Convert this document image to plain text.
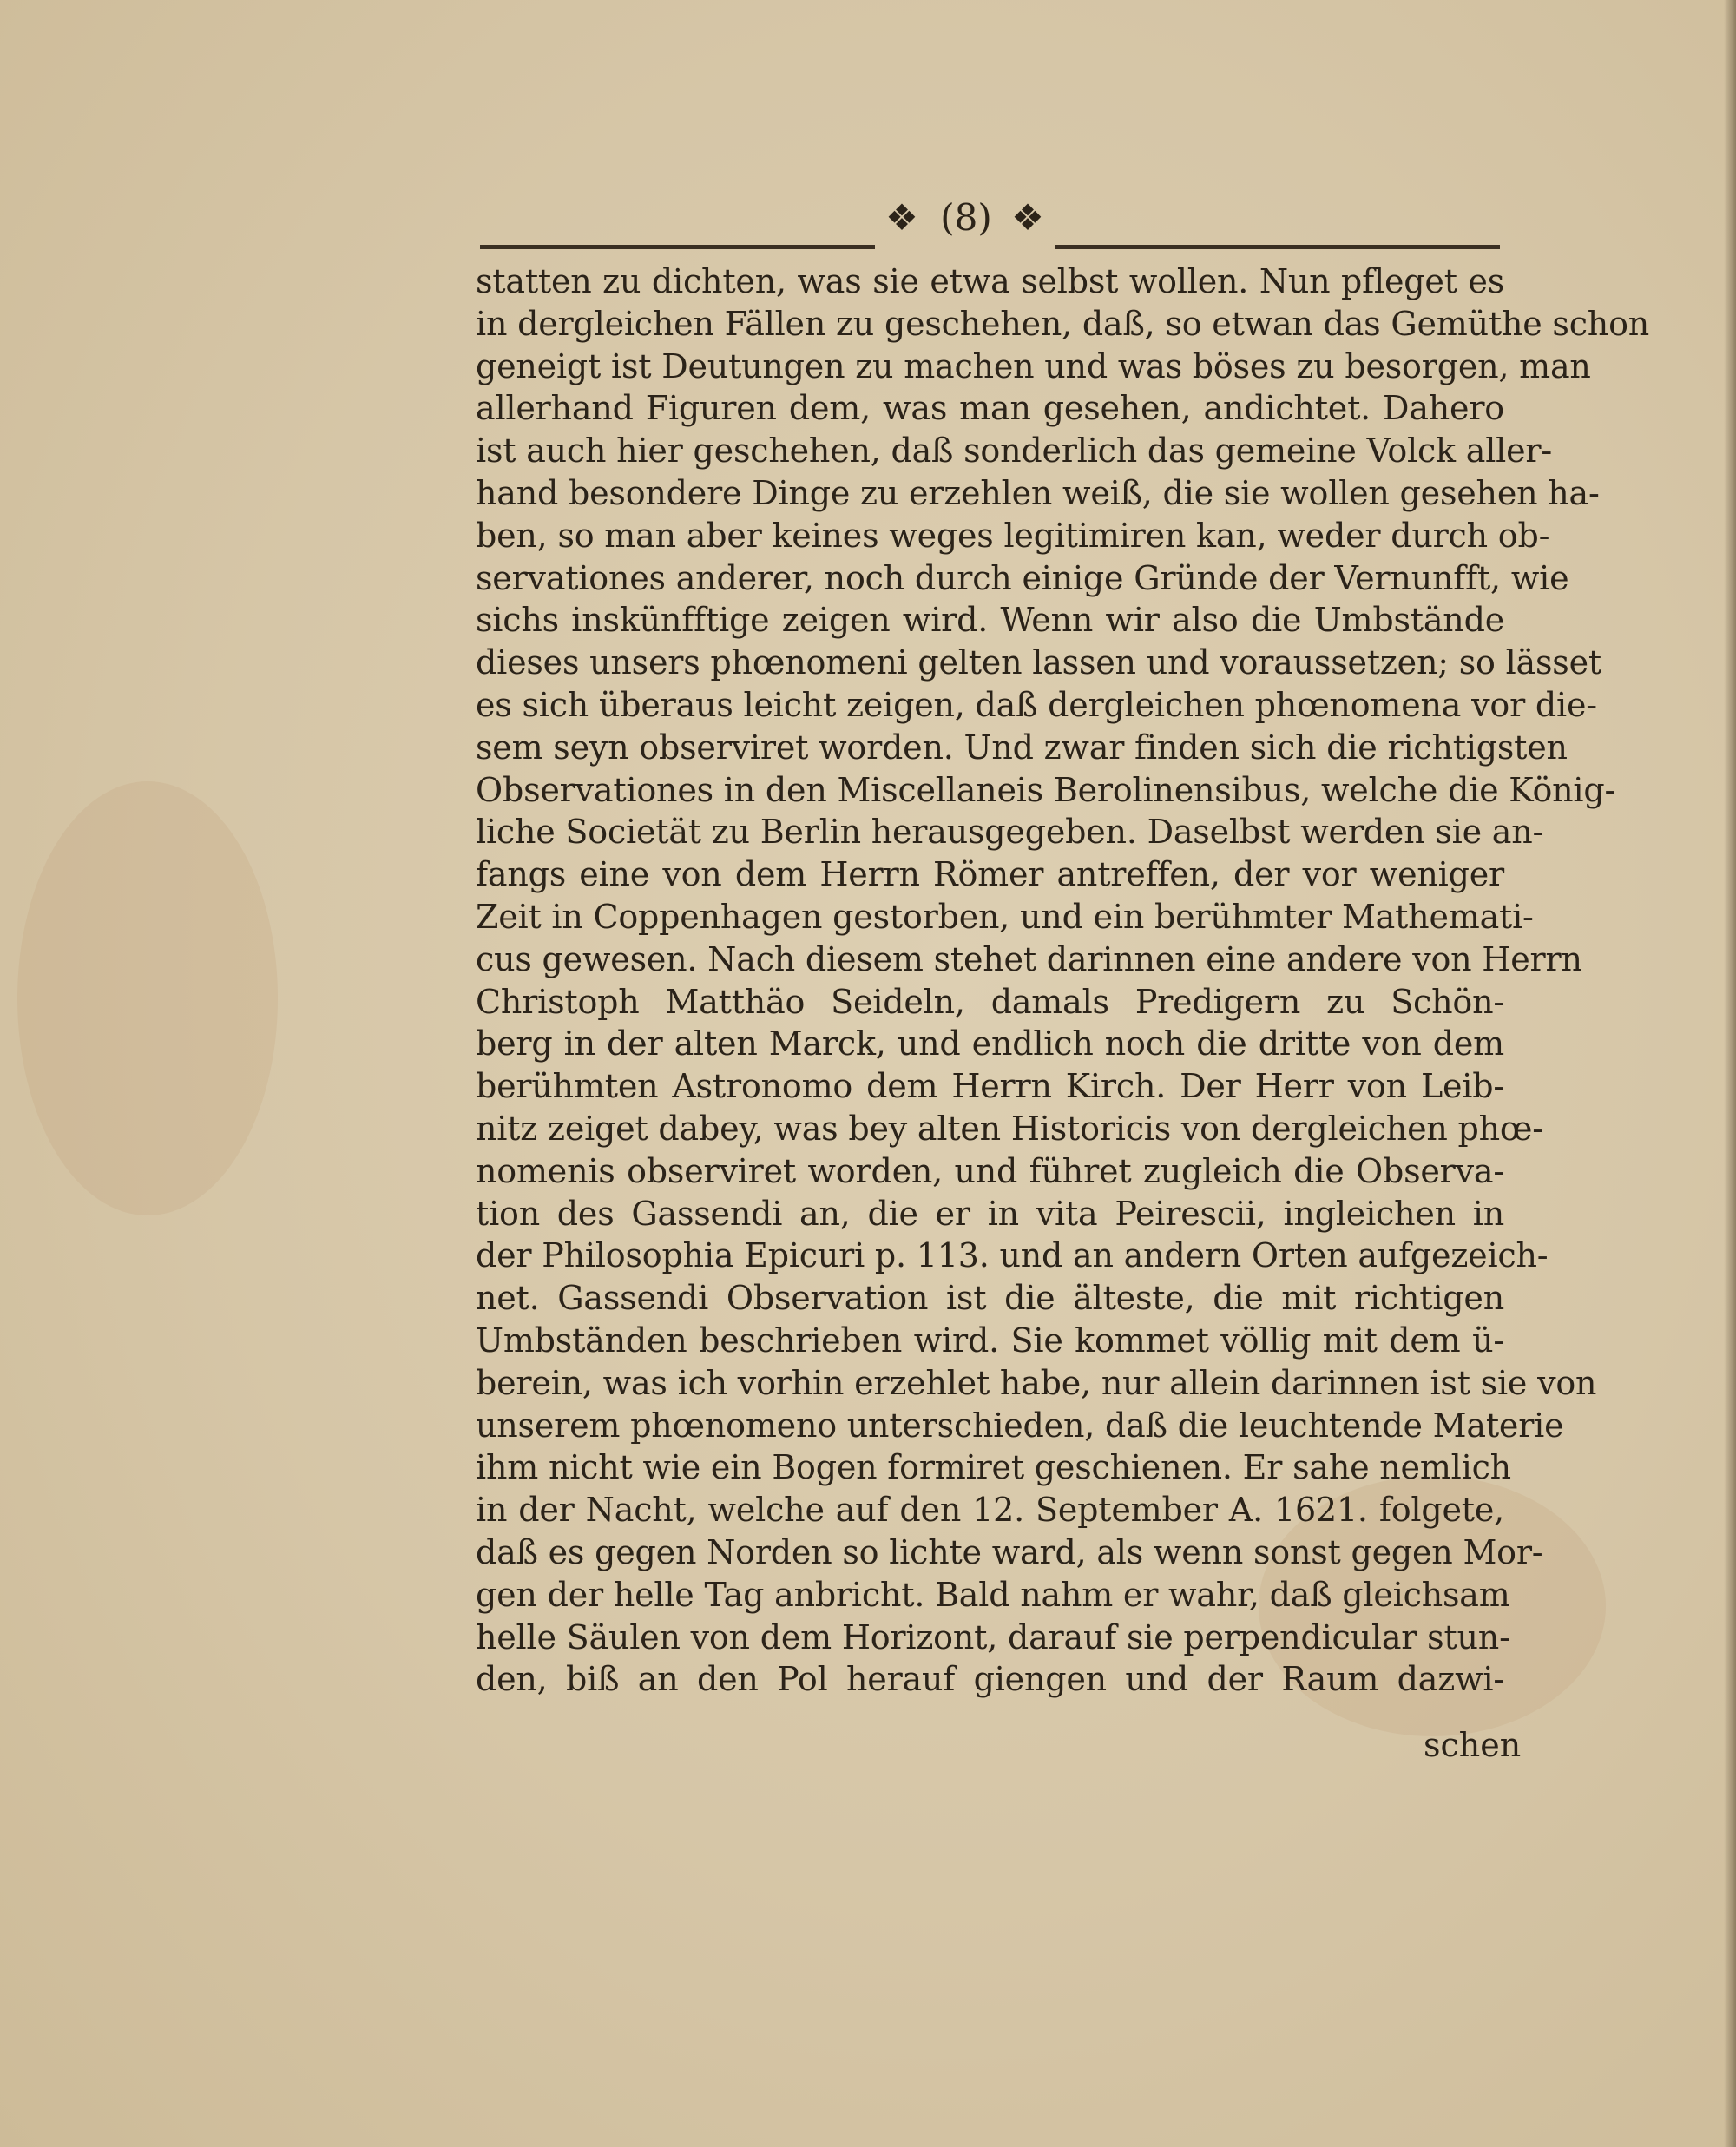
❖ (8) ❖
statten zu dichten, was sie etwa selbst wollen. Nun pfleget es
in dergleichen Fällen zu geschehen, daß, so etwan das Gemüthe schon
geneigt ist Deutungen zu machen und was böses zu besorgen, man
allerhand Figuren dem, was man gesehen, andichtet. Dahero
ist auch hier geschehen, daß sonderlich das gemeine Volck aller-
hand besondere Dinge zu erzehlen weiß, die sie wollen gesehen ha-
ben, so man aber keines weges legitimiren kan, weder durch ob-
servationes anderer, noch durch einige Gründe der Vernunfft, wie
sichs inskünfftige zeigen wird. Wenn wir also die Umbstände
dieses unsers phœnomeni gelten lassen und voraussetzen; so lässet
es sich überaus leicht zeigen, daß dergleichen phœnomena vor die-
sem seyn observiret worden. Und zwar finden sich die richtigsten
Observationes in den Miscellaneis Berolinensibus, welche die König-
liche Societät zu Berlin herausgegeben. Daselbst werden sie an-
fangs eine von dem Herrn Römer antreffen, der vor weniger
Zeit in Coppenhagen gestorben, und ein berühmter Mathemati-
cus gewesen. Nach diesem stehet darinnen eine andere von Herrn
Christoph Matthäo Seideln, damals Predigern zu Schön-
berg in der alten Marck, und endlich noch die dritte von dem
berühmten Astronomo dem Herrn Kirch. Der Herr von Leib-
nitz zeiget dabey, was bey alten Historicis von dergleichen phœ-
nomenis observiret worden, und führet zugleich die Observa-
tion des Gassendi an, die er in vita Peirescii, ingleichen in
der Philosophia Epicuri p. 113. und an andern Orten aufgezeich-
net. Gassendi Observation ist die älteste, die mit richtigen
Umbständen beschrieben wird. Sie kommet völlig mit dem ü-
berein, was ich vorhin erzehlet habe, nur allein darinnen ist sie von
unserem phœnomeno unterschieden, daß die leuchtende Materie
ihm nicht wie ein Bogen formiret geschienen. Er sahe nemlich
in der Nacht, welche auf den 12. September A. 1621. folgete,
daß es gegen Norden so lichte ward, als wenn sonst gegen Mor-
gen der helle Tag anbricht. Bald nahm er wahr, daß gleichsam
helle Säulen von dem Horizont, darauf sie perpendicular stun-
den, biß an den Pol herauf giengen und der Raum dazwi-
schen
